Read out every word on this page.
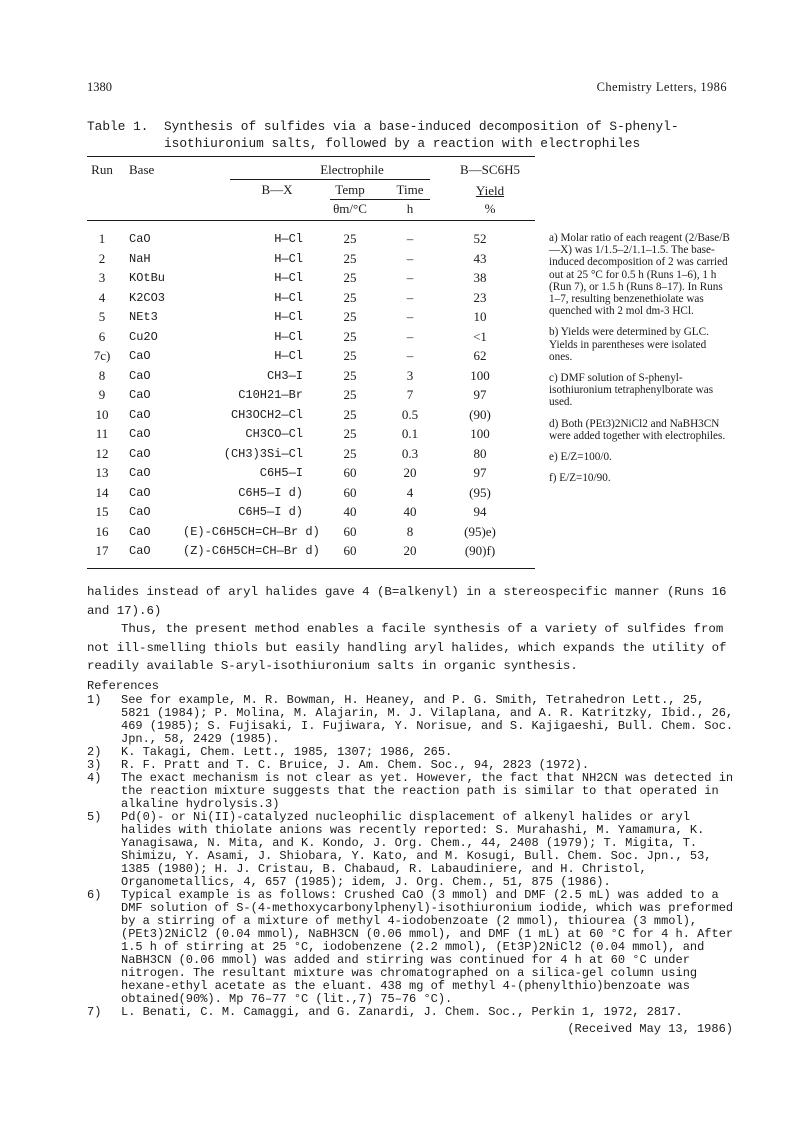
1380	Chemistry Letters, 1986
Table 1. Synthesis of sulfides via a base-induced decomposition of S-phenyl-isothiuronium salts, followed by a reaction with electrophiles
Run	Base	Electrophile	B—SC6H5
B—X	Temp	Time	Yield
θm/°C	h	%
1	CaO	H—Cl	25	–	52
2	NaH	H—Cl	25	–	43
3	KOtBu	H—Cl	25	–	38
4	K2CO3	H—Cl	25	–	23
5	NEt3	H—Cl	25	–	10
6	Cu2O	H—Cl	25	–	<1
7c)	CaO	H—Cl	25	–	62
8	CaO	CH3—I	25	3	100
9	CaO	C10H21—Br	25	7	97
10	CaO	CH3OCH2—Cl	25	0.5	(90)
11	CaO	CH3CO—Cl	25	0.1	100
12	CaO	(CH3)3Si—Cl	25	0.3	80
13	CaO	C6H5—I	60	20	97
14	CaO	C6H5—I d)	60	4	(95)
15	CaO	C6H5—I d)	40	40	94
16	CaO	(E)-C6H5CH=CH—Br d)	60	8	(95)e)
17	CaO	(Z)-C6H5CH=CH—Br d)	60	20	(90)f)

a) Molar ratio of each reagent (2/Base/B—X) was 1/1.5–2/1.1–1.5. The base-induced decomposition of 2 was carried out at 25 °C for 0.5 h (Runs 1–6), 1 h (Run 7), or 1.5 h (Runs 8–17). In Runs 1–7, resulting benzenethiolate was quenched with 2 mol dm-3 HCl.

b) Yields were determined by GLC. Yields in parentheses were isolated ones.

c) DMF solution of S-phenyl-isothiuronium tetraphenylborate was used.

d) Both (PEt3)2NiCl2 and NaBH3CN were added together with electrophiles.

e) E/Z=100/0.

f) E/Z=10/90.

halides instead of aryl halides gave 4 (B=alkenyl) in a stereospecific manner (Runs 16 and 17).6)

Thus, the present method enables a facile synthesis of a variety of sulfides from not ill-smelling thiols but easily handling aryl halides, which expands the utility of readily available S-aryl-isothiuronium salts in organic synthesis.

References

1) See for example, M. R. Bowman, H. Heaney, and P. G. Smith, Tetrahedron Lett., 25, 5821 (1984); P. Molina, M. Alajarin, M. J. Vilaplana, and A. R. Katritzky, Ibid., 26, 469 (1985); S. Fujisaki, I. Fujiwara, Y. Norisue, and S. Kajigaeshi, Bull. Chem. Soc. Jpn., 58, 2429 (1985).

2) K. Takagi, Chem. Lett., 1985, 1307; 1986, 265.

3) R. F. Pratt and T. C. Bruice, J. Am. Chem. Soc., 94, 2823 (1972).

4) The exact mechanism is not clear as yet. However, the fact that NH2CN was detected in the reaction mixture suggests that the reaction path is similar to that operated in alkaline hydrolysis.3)

5) Pd(0)- or Ni(II)-catalyzed nucleophilic displacement of alkenyl halides or aryl halides with thiolate anions was recently reported: S. Murahashi, M. Yamamura, K. Yanagisawa, N. Mita, and K. Kondo, J. Org. Chem., 44, 2408 (1979); T. Migita, T. Shimizu, Y. Asami, J. Shiobara, Y. Kato, and M. Kosugi, Bull. Chem. Soc. Jpn., 53, 1385 (1980); H. J. Cristau, B. Chabaud, R. Labaudiniere, and H. Christol, Organometallics, 4, 657 (1985); idem, J. Org. Chem., 51, 875 (1986).

6) Typical example is as follows: Crushed CaO (3 mmol) and DMF (2.5 mL) was added to a DMF solution of S-(4-methoxycarbonylphenyl)-isothiuronium iodide, which was preformed by a stirring of a mixture of methyl 4-iodobenzoate (2 mmol), thiourea (3 mmol), (PEt3)2NiCl2 (0.04 mmol), NaBH3CN (0.06 mmol), and DMF (1 mL) at 60 °C for 4 h. After 1.5 h of stirring at 25 °C, iodobenzene (2.2 mmol), (Et3P)2NiCl2 (0.04 mmol), and NaBH3CN (0.06 mmol) was added and stirring was continued for 4 h at 60 °C under nitrogen. The resultant mixture was chromatographed on a silica-gel column using hexane-ethyl acetate as the eluant. 438 mg of methyl 4-(phenylthio)benzoate was obtained(90%). Mp 76–77 °C (lit.,7) 75–76 °C).

7) L. Benati, C. M. Camaggi, and G. Zanardi, J. Chem. Soc., Perkin 1, 1972, 2817.

(Received May 13, 1986)
